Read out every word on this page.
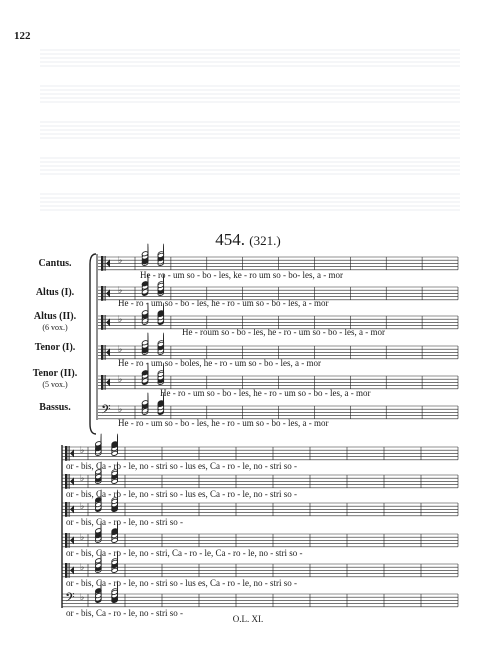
122
454. (321.)
Cantus.
Altus (I).
Altus (II).
(6 vox.)
Tenor (I).
Tenor (II).
(5 vox.)
Bassus.
♭
♭
♭
♭
♭
𝄢 ♭
♭
♭
♭
♭
♭
𝄢 ♭
He - ro - um so - bo - les, ke - ro um so - bo- les, a - mor
He - ro - um so - bo - les, he - ro - um so - bo - les, a - mor
He - roum so - bo - les, he - ro - um so - bo - les, a - mor
He - ro - um so - boles, he - ro - um so - bo - les, a - mor
He - ro - um so - bo - les, he - ro - um so - bo - les, a - mor
He - ro - um so - bo - les, he - ro - um so - bo - les, a - mor
or - bis, Ca - ro - le, no - stri so - lus es, Ca - ro - le, no - stri so -
or - bis, Ca - ro - le, no - stri so - lus es, Ca - ro - le, no - stri so -
or - bis, Ca - ro - le, no - stri so -
or - bis, Ca - ro - le, no - stri, Ca - ro - le, Ca - ro - le, no - stri so -
or - bis, Ca - ro - le, no - stri so - lus es, Ca - ro - le, no - stri so -
or - bis, Ca - ro - le, no - stri so -
O.L. XI.
